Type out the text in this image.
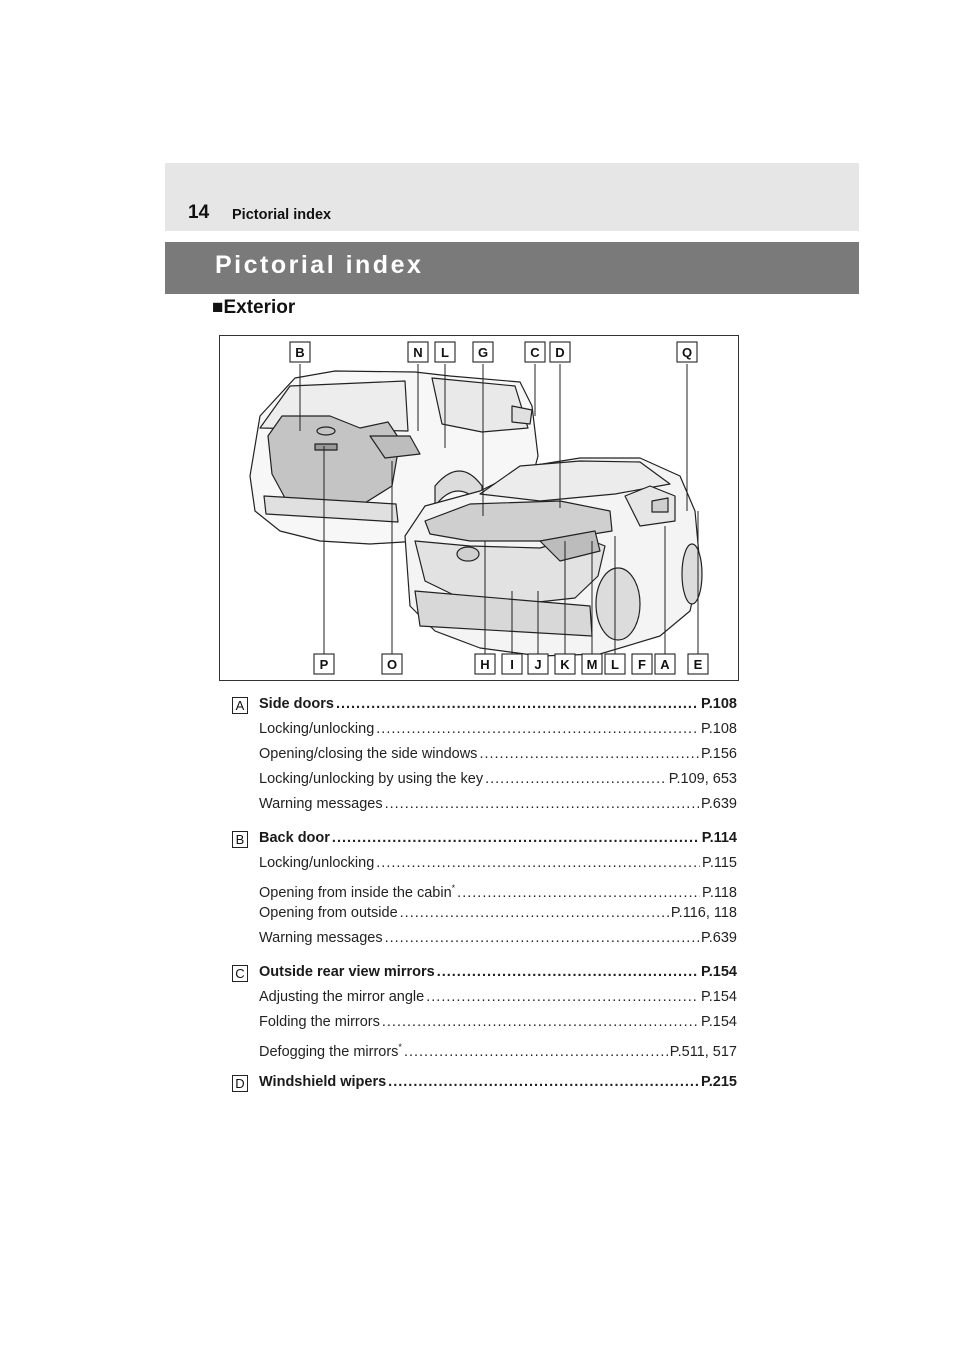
14 Pictorial index
Pictorial index
■Exterior
B	N L G	C D	Q
P	O	H I J K M L F A E
A Side doors .....	P.108
Locking/unlocking .....	P.108
Opening/closing the side windows .....	P.156
Locking/unlocking by using the key .....	P.109, 653
Warning messages .....	P.639
B Back door .....	P.114
Locking/unlocking .....	P.115
Opening from inside the cabin* .....	P.118
Opening from outside .....	P.116, 118
Warning messages .....	P.639
C Outside rear view mirrors .....	P.154
Adjusting the mirror angle .....	P.154
Folding the mirrors .....	P.154
Defogging the mirrors* .....	P.511, 517
D Windshield wipers .....	P.215
